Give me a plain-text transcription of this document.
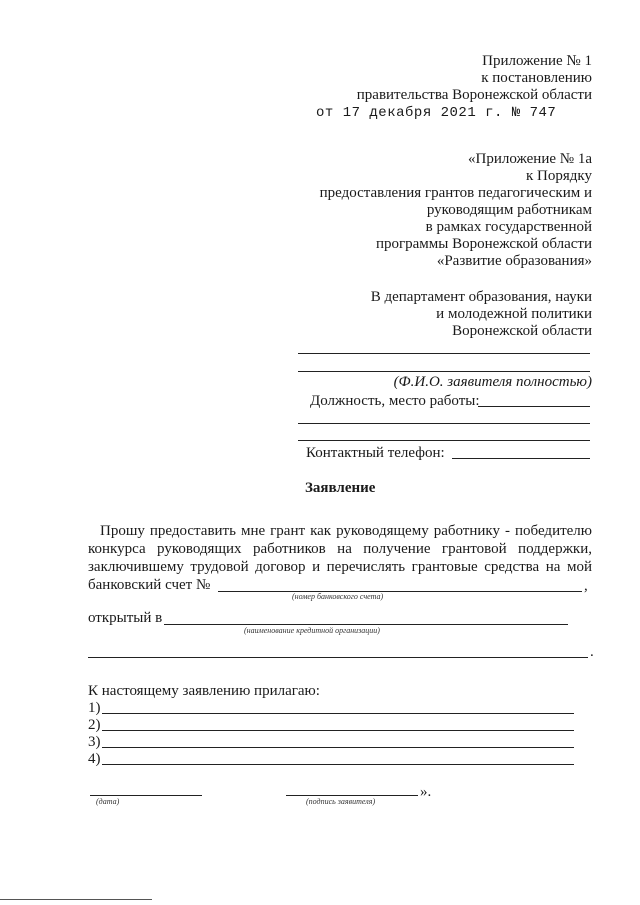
Приложение № 1
к постановлению
правительства Воронежской области
от 17 декабря 2021 г. № 747
«Приложение № 1а
к Порядку
предоставления грантов педагогическим и
руководящим работникам
в рамках государственной
программы Воронежской области
«Развитие образования»
В департамент образования, науки
и молодежной политики
Воронежской области
(Ф.И.О. заявителя полностью)
Должность, место работы:
Контактный телефон:
Заявление
Прошу предоставить мне грант как руководящему работнику - победителю
конкурса руководящих работников на получение грантовой поддержки,
заключившему трудовой договор и перечислять грантовые средства на мой
банковский счет №	,
(номер банковского счета)
открытый в
(наименование кредитной организации)
.
К настоящему заявлению прилагаю:
1)
2)
3)
4)
(дата)	(подпись заявителя)
».
